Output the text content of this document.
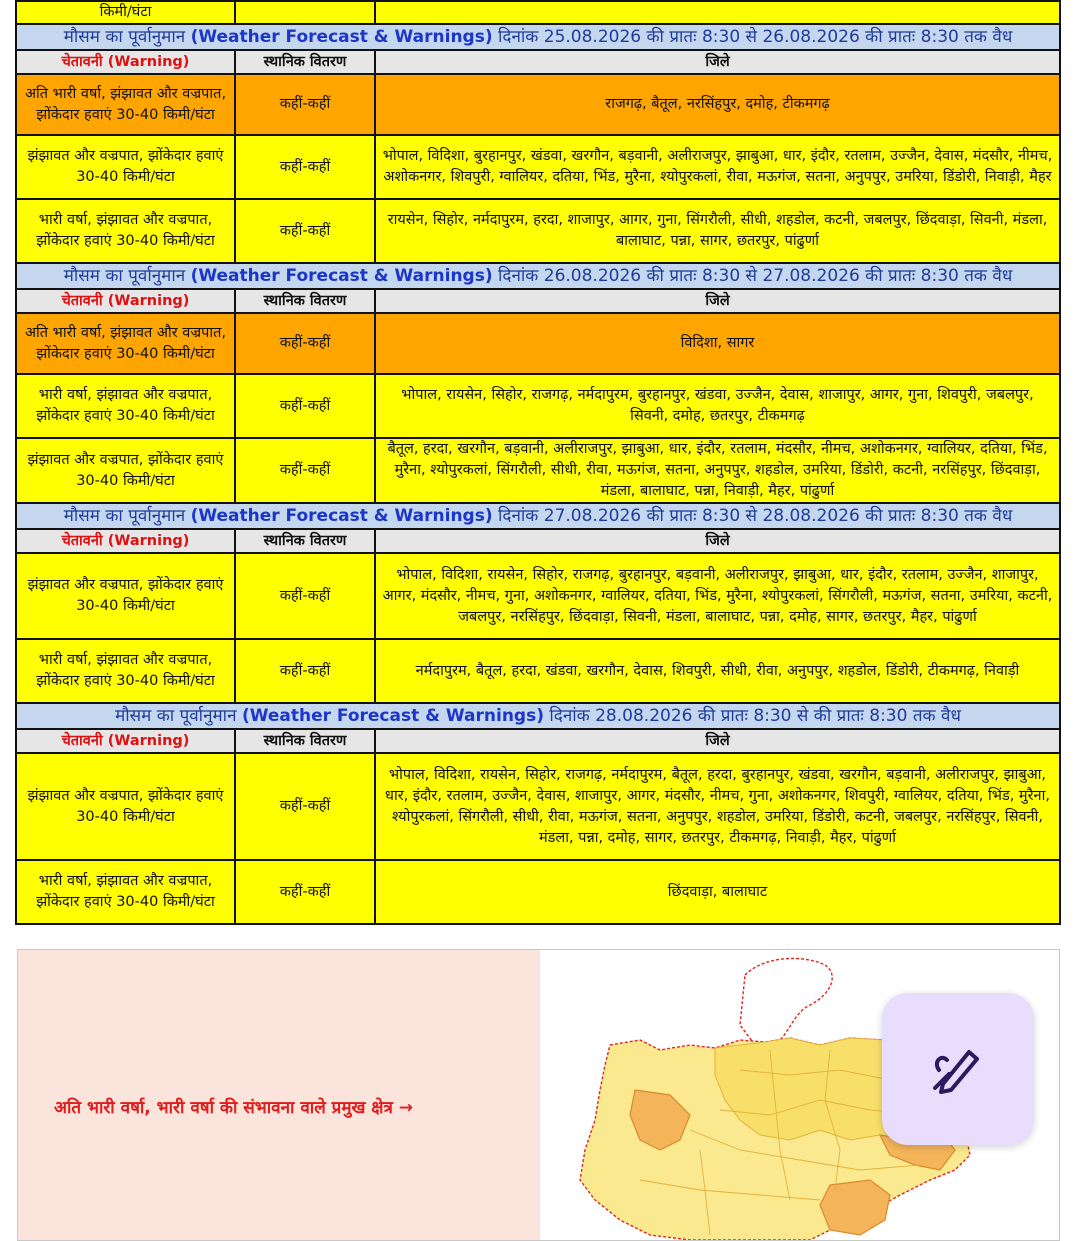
किमी/घंटा		
मौसम का पूर्वानुमान (Weather Forecast & Warnings) दिनांक 25.08.2026 की प्रातः 8:30 से 26.08.2026 की प्रातः 8:30 तक वैध		
चेतावनी (Warning)	स्थानिक वितरण	जिले
अति भारी वर्षा, झंझावत और वज्रपात, झोंकेदार हवाएं 30-40 किमी/घंटा	कहीं-कहीं	राजगढ़, बैतूल, नरसिंहपुर, दमोह, टीकमगढ़
झंझावत और वज्रपात, झोंकेदार हवाएं 30-40 किमी/घंटा	कहीं-कहीं	भोपाल, विदिशा, बुरहानपुर, खंडवा, खरगौन, बड़वानी, अलीराजपुर, झाबुआ, धार, इंदौर, रतलाम, उज्जैन, देवास, मंदसौर, नीमच, अशोकनगर, शिवपुरी, ग्वालियर, दतिया, भिंड, मुरैना, श्योपुरकलां, रीवा, मऊगंज, सतना, अनुपपुर, उमरिया, डिंडोरी, निवाड़ी, मैहर
भारी वर्षा, झंझावत और वज्रपात, झोंकेदार हवाएं 30-40 किमी/घंटा	कहीं-कहीं	रायसेन, सिहोर, नर्मदापुरम, हरदा, शाजापुर, आगर, गुना, सिंगरौली, सीधी, शहडोल, कटनी, जबलपुर, छिंदवाड़ा, सिवनी, मंडला, बालाघाट, पन्ना, सागर, छतरपुर, पांढुर्णा
मौसम का पूर्वानुमान (Weather Forecast & Warnings) दिनांक 26.08.2026 की प्रातः 8:30 से 27.08.2026 की प्रातः 8:30 तक वैध		
चेतावनी (Warning)	स्थानिक वितरण	जिले
अति भारी वर्षा, झंझावत और वज्रपात, झोंकेदार हवाएं 30-40 किमी/घंटा	कहीं-कहीं	विदिशा, सागर
भारी वर्षा, झंझावत और वज्रपात, झोंकेदार हवाएं 30-40 किमी/घंटा	कहीं-कहीं	भोपाल, रायसेन, सिहोर, राजगढ़, नर्मदापुरम, बुरहानपुर, खंडवा, उज्जैन, देवास, शाजापुर, आगर, गुना, शिवपुरी, जबलपुर, सिवनी, दमोह, छतरपुर, टीकमगढ़
झंझावत और वज्रपात, झोंकेदार हवाएं 30-40 किमी/घंटा	कहीं-कहीं	बैतूल, हरदा, खरगौन, बड़वानी, अलीराजपुर, झाबुआ, धार, इंदौर, रतलाम, मंदसौर, नीमच, अशोकनगर, ग्वालियर, दतिया, भिंड, मुरैना, श्योपुरकलां, सिंगरौली, सीधी, रीवा, मऊगंज, सतना, अनुपपुर, शहडोल, उमरिया, डिंडोरी, कटनी, नरसिंहपुर, छिंदवाड़ा, मंडला, बालाघाट, पन्ना, निवाड़ी, मैहर, पांढुर्णा
मौसम का पूर्वानुमान (Weather Forecast & Warnings) दिनांक 27.08.2026 की प्रातः 8:30 से 28.08.2026 की प्रातः 8:30 तक वैध		
चेतावनी (Warning)	स्थानिक वितरण	जिले
झंझावत और वज्रपात, झोंकेदार हवाएं 30-40 किमी/घंटा	कहीं-कहीं	भोपाल, विदिशा, रायसेन, सिहोर, राजगढ़, बुरहानपुर, बड़वानी, अलीराजपुर, झाबुआ, धार, इंदौर, रतलाम, उज्जैन, शाजापुर, आगर, मंदसौर, नीमच, गुना, अशोकनगर, ग्वालियर, दतिया, भिंड, मुरैना, श्योपुरकलां, सिंगरौली, मऊगंज, सतना, उमरिया, कटनी, जबलपुर, नरसिंहपुर, छिंदवाड़ा, सिवनी, मंडला, बालाघाट, पन्ना, दमोह, सागर, छतरपुर, मैहर, पांढुर्णा
भारी वर्षा, झंझावत और वज्रपात, झोंकेदार हवाएं 30-40 किमी/घंटा	कहीं-कहीं	नर्मदापुरम, बैतूल, हरदा, खंडवा, खरगौन, देवास, शिवपुरी, सीधी, रीवा, अनुपपुर, शहडोल, डिंडोरी, टीकमगढ़, निवाड़ी
मौसम का पूर्वानुमान (Weather Forecast & Warnings) दिनांक 28.08.2026 की प्रातः 8:30 से की प्रातः 8:30 तक वैध		
चेतावनी (Warning)	स्थानिक वितरण	जिले
झंझावत और वज्रपात, झोंकेदार हवाएं 30-40 किमी/घंटा	कहीं-कहीं	भोपाल, विदिशा, रायसेन, सिहोर, राजगढ़, नर्मदापुरम, बैतूल, हरदा, बुरहानपुर, खंडवा, खरगौन, बड़वानी, अलीराजपुर, झाबुआ, धार, इंदौर, रतलाम, उज्जैन, देवास, शाजापुर, आगर, मंदसौर, नीमच, गुना, अशोकनगर, शिवपुरी, ग्वालियर, दतिया, भिंड, मुरैना, श्योपुरकलां, सिंगरौली, सीधी, रीवा, मऊगंज, सतना, अनुपपुर, शहडोल, उमरिया, डिंडोरी, कटनी, जबलपुर, नरसिंहपुर, सिवनी, मंडला, पन्ना, दमोह, सागर, छतरपुर, टीकमगढ़, निवाड़ी, मैहर, पांढुर्णा
भारी वर्षा, झंझावत और वज्रपात, झोंकेदार हवाएं 30-40 किमी/घंटा	कहीं-कहीं	छिंदवाड़ा, बालाघाट
अति भारी वर्षा, भारी वर्षा की संभावना वाले प्रमुख क्षेत्र →
